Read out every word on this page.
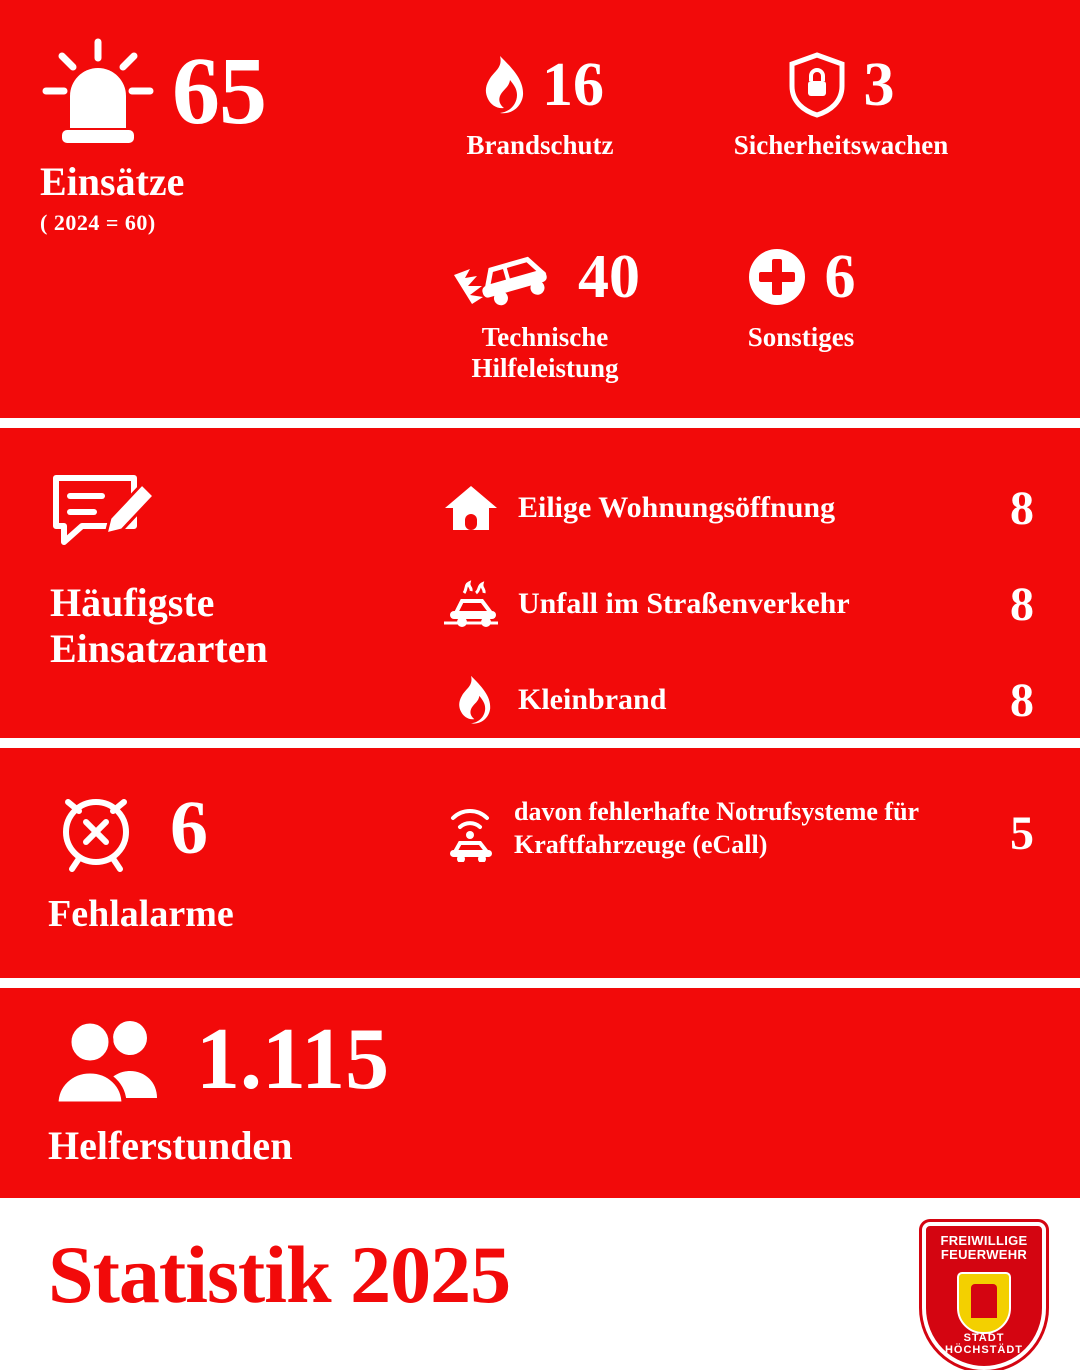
65
Einsätze
( 2024 = 60)
16
Brandschutz
3
Sicherheitswachen
40
Technische Hilfeleistung
6
Sonstiges
Häufigste Einsatzarten
Eilige Wohnungsöffnung	8
Unfall im Straßenverkehr	8
Kleinbrand	8
6
Fehlalarme
davon fehlerhafte Notrufsysteme für Kraftfahrzeuge (eCall)	5
1.115
Helferstunden
Statistik 2025	FREIWILLIGE
FEUERWEHR
STADT HÖCHSTÄDT
